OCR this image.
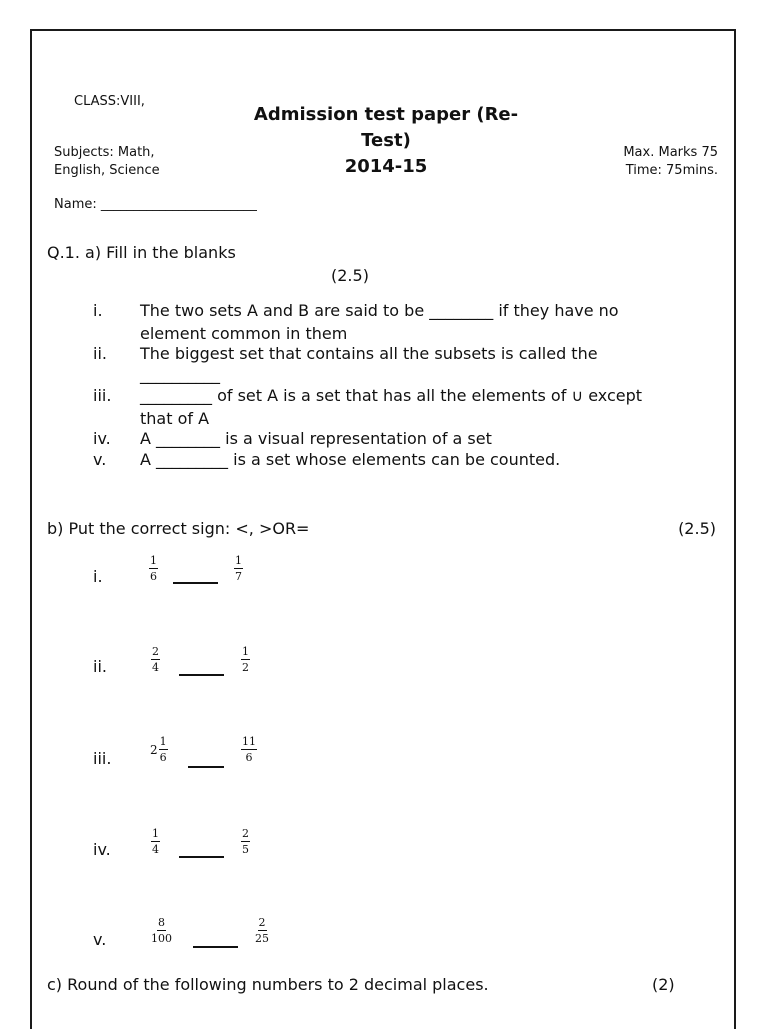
CLASS:VIII,
Admission test paper (Re-
Test)
2014-15
Subjects: Math,
English, Science
Max. Marks 75
Time: 75mins.
Name: ________________________
Q.1. a) Fill in the blanks
(2.5)
i. The two sets A and B are said to be ________ if they have no
element common in them
ii. The biggest set that contains all the subsets is called the
__________
iii. _________ of set A is a set that has all the elements of ∪ except
that of A
iv. A ________ is a visual representation of a set
v. A _________ is a set whose elements can be counted.
b) Put the correct sign: <, >OR=	(2.5)
i.	$\frac{1}{6}$	$\frac{1}{7}$
ii.	$\frac{2}{4}$	$\frac{1}{2}$
iii.	$2 \frac{1}{6}$	$\frac{11}{6}$
iv.	$\frac{1}{4}$	$\frac{2}{5}$
v.	$\frac{8}{100}$	$\frac{2}{25}$
c) Round of the following numbers to 2 decimal places.	(2)
